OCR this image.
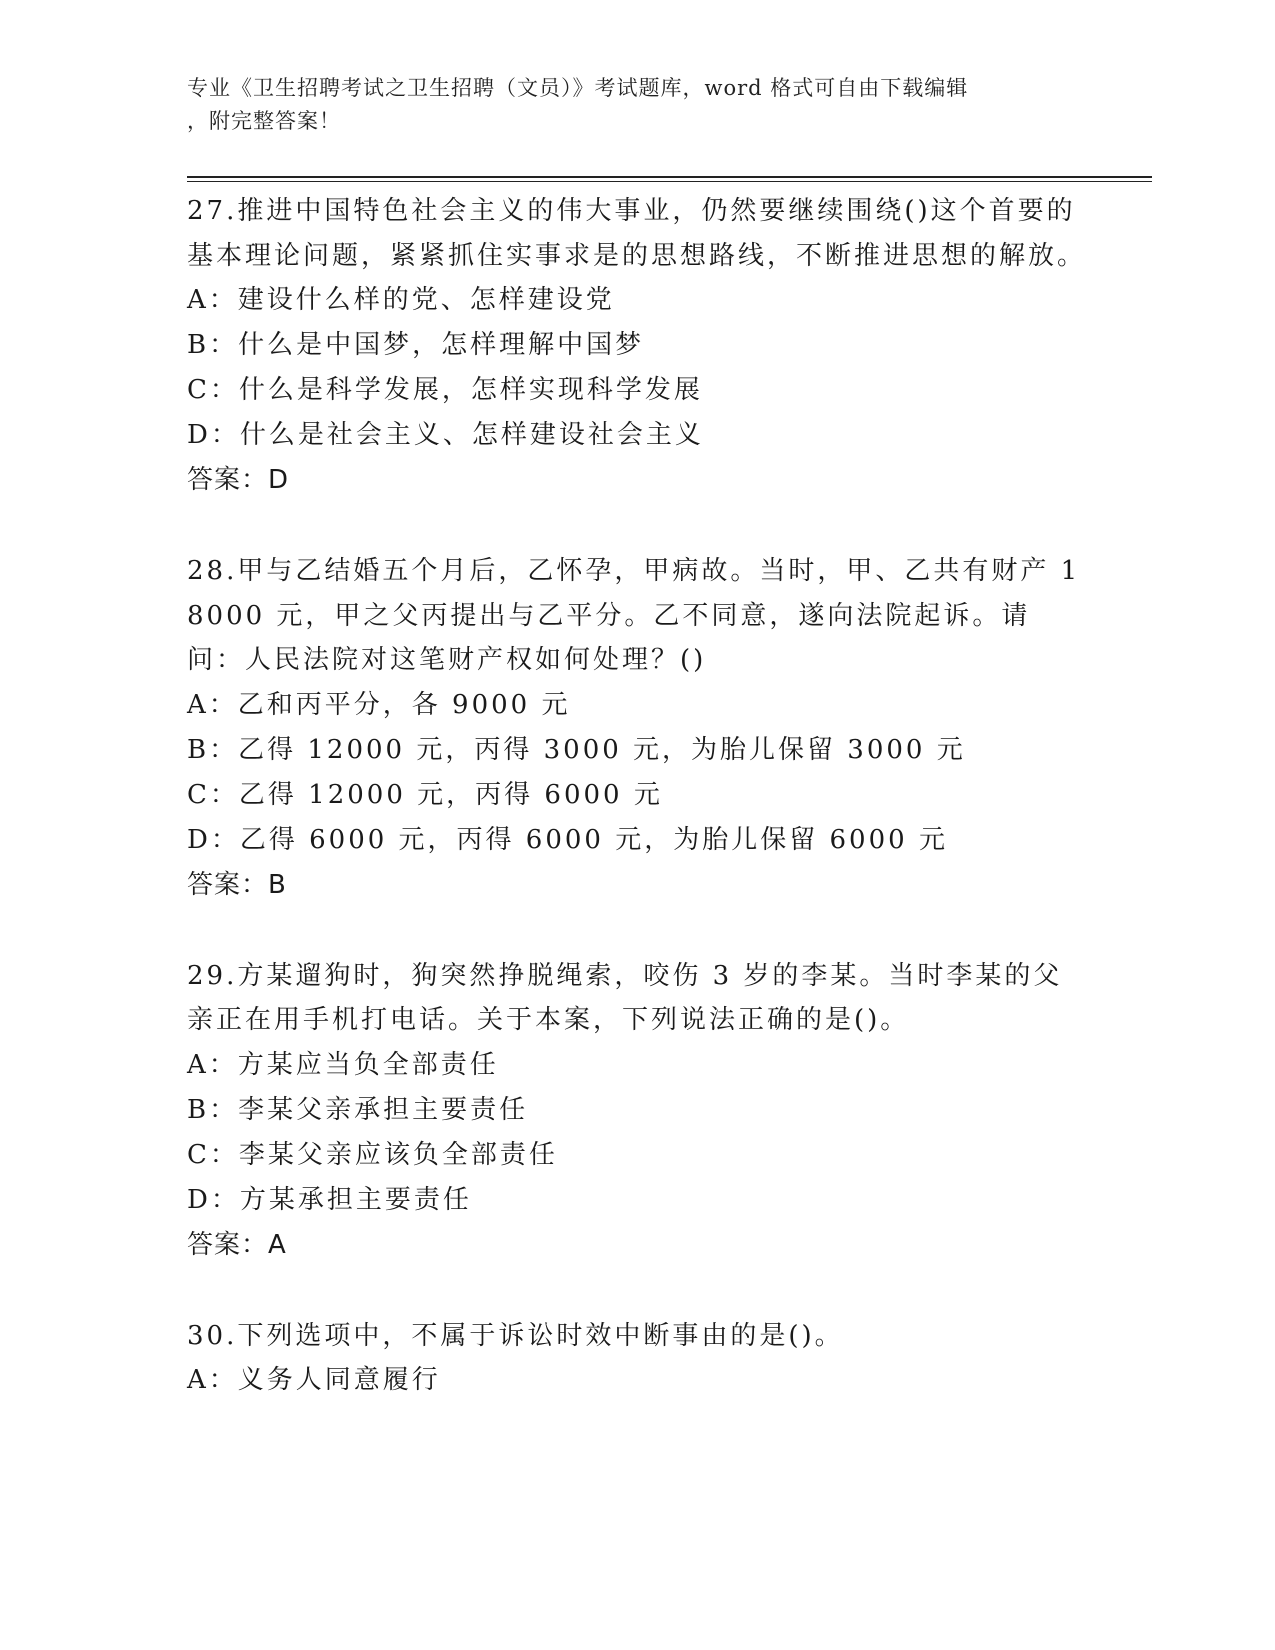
专业《卫生招聘考试之卫生招聘（文员）》考试题库，word 格式可自由下载编辑
，附完整答案！

27.推进中国特色社会主义的伟大事业，仍然要继续围绕()这个首要的基本理论问题，紧紧抓住实事求是的思想路线，不断推进思想的解放。

A：建设什么样的党、怎样建设党

B：什么是中国梦，怎样理解中国梦

C：什么是科学发展，怎样实现科学发展

D：什么是社会主义、怎样建设社会主义

答案：D

28.甲与乙结婚五个月后，乙怀孕，甲病故。当时，甲、乙共有财产 18000 元，甲之父丙提出与乙平分。乙不同意，遂向法院起诉。请问：人民法院对这笔财产权如何处理？()

A：乙和丙平分，各 9000 元

B：乙得 12000 元，丙得 3000 元，为胎儿保留 3000 元

C：乙得 12000 元，丙得 6000 元

D：乙得 6000 元，丙得 6000 元，为胎儿保留 6000 元

答案：B

29.方某遛狗时，狗突然挣脱绳索，咬伤 3 岁的李某。当时李某的父亲正在用手机打电话。关于本案，下列说法正确的是()。

A：方某应当负全部责任

B：李某父亲承担主要责任

C：李某父亲应该负全部责任

D：方某承担主要责任

答案：A

30.下列选项中，不属于诉讼时效中断事由的是()。

A：义务人同意履行
